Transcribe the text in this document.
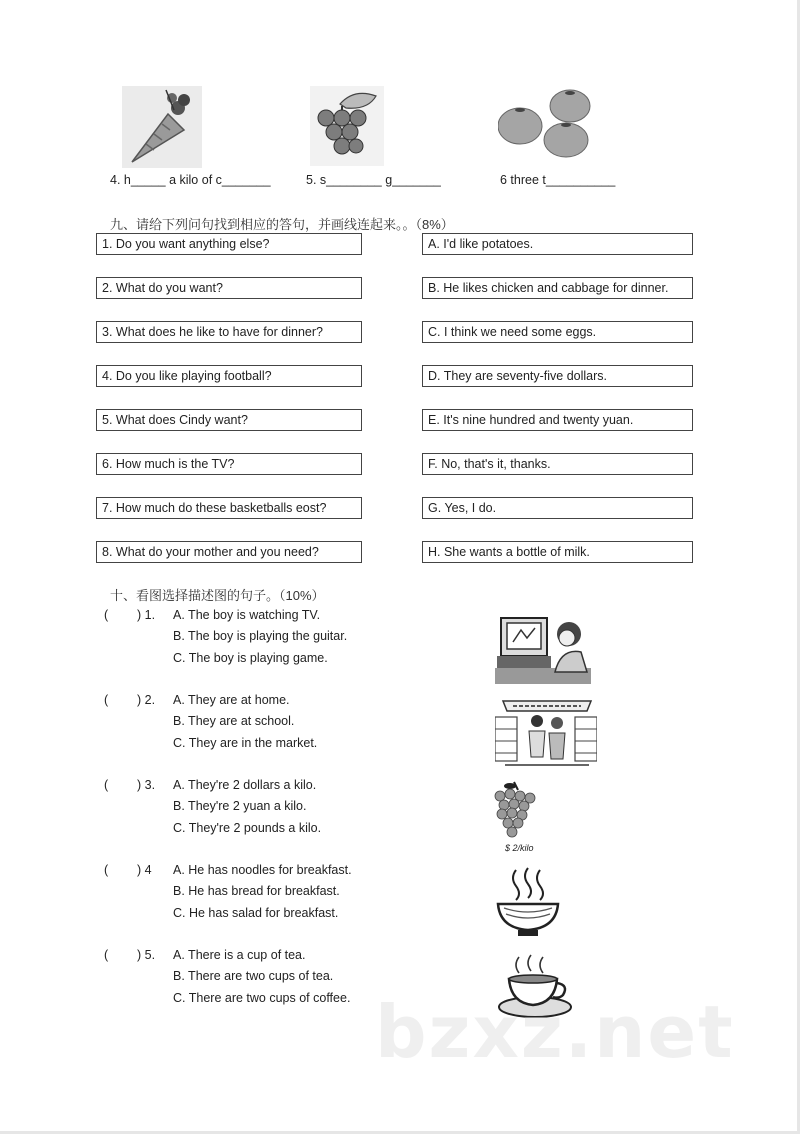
4. h_____ a kilo of c_______	5. s________ g_______	6 three t__________
九、请给下列问句找到相应的答句，并画线连起来。。（8%）
1. Do you want anything else?
2. What do you want?
3. What does he like to have for dinner?
4. Do you like playing football?
5. What does Cindy want?
6. How much is the TV?
7. How much do these basketballs eost?
8. What do your mother and you need?
A. I'd like potatoes.
B. He likes chicken and cabbage for dinner.
C. I think we need some eggs.
D. They are seventy-five dollars.
E. It's nine hundred and twenty yuan.
F. No, that's it, thanks.
G. Yes, I do.
H. She wants a bottle of milk.
十、看图选择描述图的句子。（10%）
( ) 1. A. The boy is watching TV.
B. The boy is playing the guitar.
C. The boy is playing game.
( ) 2. A. They are at home.
B. They are at school.
C. They are in the market.
( ) 3. A. They're 2 dollars a kilo.
B. They're 2 yuan a kilo.
C. They're 2 pounds a kilo.
( ) 4 A. He has noodles for breakfast.
B. He has bread for breakfast.
C. He has salad for breakfast.
( ) 5. A. There is a cup of tea.
B. There are two cups of tea.
C. There are two cups of coffee.
$ 2/kilo
bzxz.net
